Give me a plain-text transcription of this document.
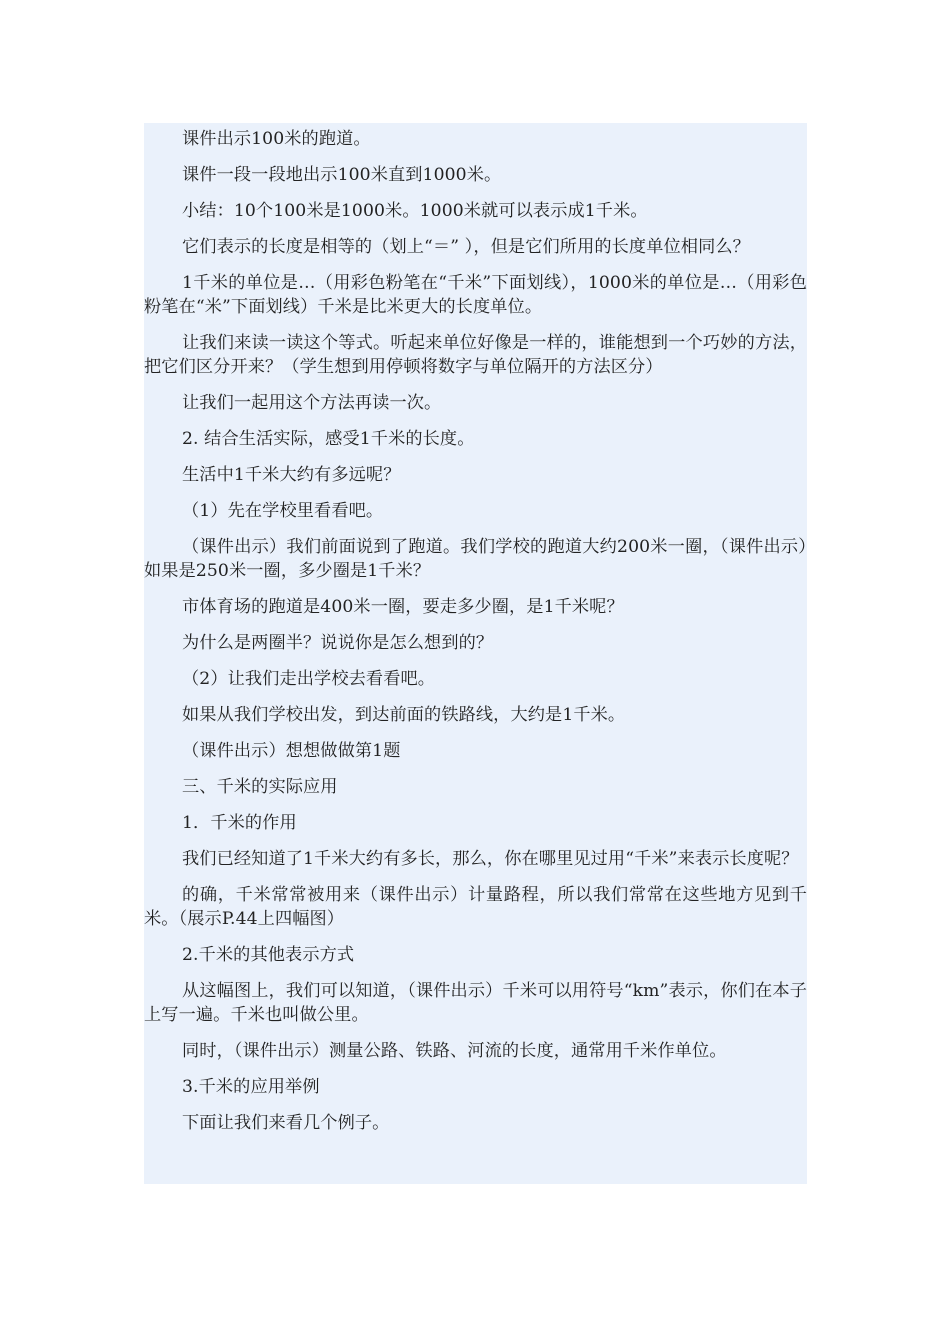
课件出示100米的跑道。

课件一段一段地出示100米直到1000米。

小结：10个100米是1000米。1000米就可以表示成1千米。

它们表示的长度是相等的（划上“＝” ），但是它们所用的长度单位相同么？

1千米的单位是…（用彩色粉笔在“千米”下面划线），1000米的单位是…（用彩色粉笔在“米”下面划线）千米是比米更大的长度单位。

让我们来读一读这个等式。听起来单位好像是一样的，谁能想到一个巧妙的方法，把它们区分开来？（学生想到用停顿将数字与单位隔开的方法区分）

让我们一起用这个方法再读一次。

2. 结合生活实际，感受1千米的长度。

生活中1千米大约有多远呢？

（1）先在学校里看看吧。

（课件出示）我们前面说到了跑道。我们学校的跑道大约200米一圈，（课件出示）如果是250米一圈，多少圈是1千米？

市体育场的跑道是400米一圈，要走多少圈，是1千米呢？

为什么是两圈半？说说你是怎么想到的？

（2）让我们走出学校去看看吧。

如果从我们学校出发，到达前面的铁路线，大约是1千米。

（课件出示）想想做做第1题

三、千米的实际应用

1．千米的作用

我们已经知道了1千米大约有多长，那么，你在哪里见过用“千米”来表示长度呢？

的确，千米常常被用来（课件出示）计量路程，所以我们常常在这些地方见到千米。（展示P.44上四幅图）

2.千米的其他表示方式

从这幅图上，我们可以知道，（课件出示）千米可以用符号“km”表示，你们在本子上写一遍。千米也叫做公里。

同时，（课件出示）测量公路、铁路、河流的长度，通常用千米作单位。

3.千米的应用举例

下面让我们来看几个例子。
